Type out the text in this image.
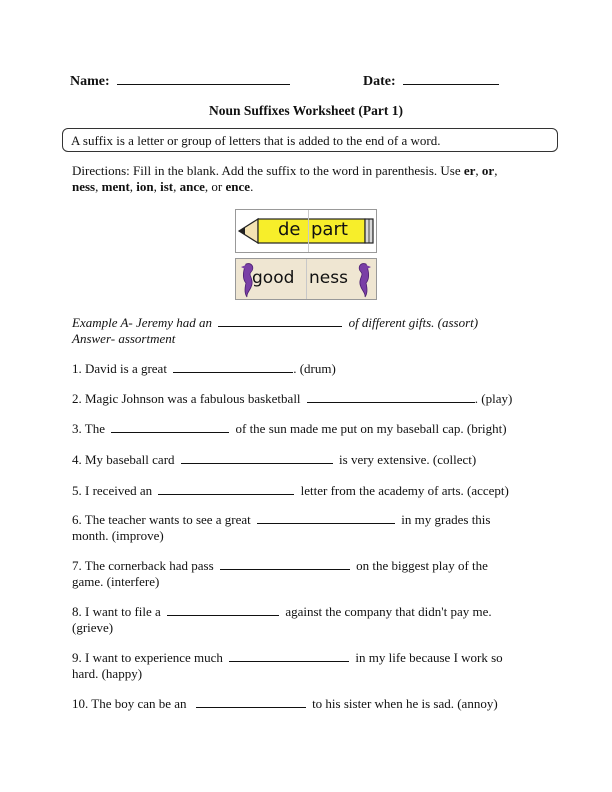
Name:	Date:
Noun Suffixes Worksheet (Part 1)
A suffix is a letter or group of letters that is added to the end of a word.
Directions: Fill in the blank. Add the suffix to the word in parenthesis. Use er, or,
ness, ment, ion, ist, ance, or ence.
de part
good ness
Example A- Jeremy had an	of different gifts. (assort)
Answer- assortment
1. David is a great	. (drum)
2. Magic Johnson was a fabulous basketball	. (play)
3. The	of the sun made me put on my baseball cap. (bright)
4. My baseball card	is very extensive. (collect)
5. I received an	letter from the academy of arts. (accept)
6. The teacher wants to see a great	in my grades this
month. (improve)
7. The cornerback had pass	on the biggest play of the
game. (interfere)
8. I want to file a	against the company that didn't pay me.
(grieve)
9. I want to experience much	in my life because I work so
hard. (happy)
10. The boy can be an	to his sister when he is sad. (annoy)
